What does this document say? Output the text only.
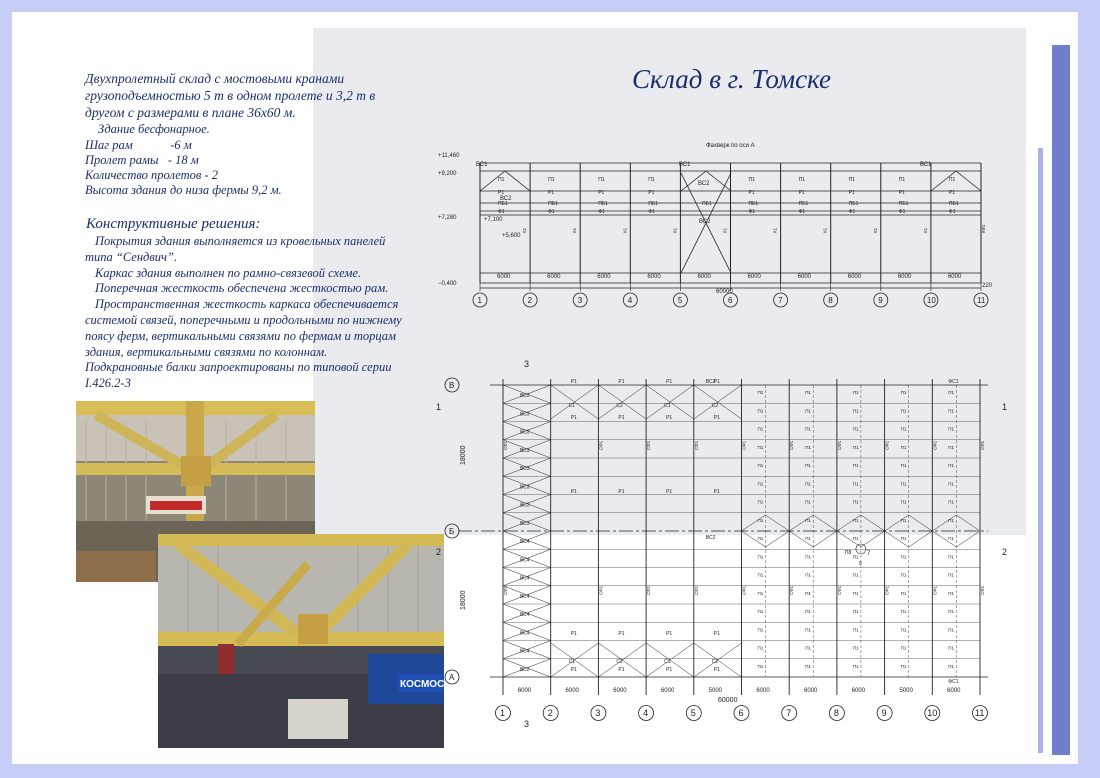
Склад в г. Томске
Двухпролетный склад с мостовыми кранами грузоподъемностью 5 т в одном пролете и 3,2 т в другом с размерами в плане 36х60 м.
Здание бесфонарное.
Шаг рам            -6 м
Пролет рамы   - 18 м
Количество пролетов - 2
Высота здания до низа фермы 9,2 м.
Конструктивные решения:

Покрытия здания выполняется из кровельных панелей типа “Сендвич”.

Каркас здания выполнен по рамно-связевой схеме.

Поперечная жесткость обеспечена жесткостью рам.

Пространственная жесткость каркаса обеспечивается системой связей, поперечными и продольными по нижнему поясу ферм, вертикальными связями по фермам и торцам здания, вертикальными связями по колоннам. Подкрановные балки запроектированы по типовой серии I.426.2-3

КОСМОС
Фахверк по оси А
+11,460
+9,200
+7,280	+7,100
+5,600
−0,400	220
ВС1	ВС1	ВС1
ВС2
ВС2
ВС2
6000	6000	6000	6000	6000	6000	6000	6000	6000	6000
П1
Р1
ПБ1
Ф1
П1
Р1
ПБ1
Ф1
П1
Р1
ПБ1
Ф1
П1
Р1
ПБ1
Ф1
П1
Р1
ПБ1
Ф1
П1
Р1
ПБ1
Ф1
П1
Р1
ПБ1
Ф1
П1
Р1
ПБ1
Ф1
П1
Р1
ПБ1
Ф1
ПБ1
К1	К1	К1	К1	К1	К1	К1	К1	К1	КФ1
60000
1	2	3	4	5	6	7	8	9	10	11
В
Б
А
1	2	3	4	5	6	7	8	9	10	11
ВС2
ВС3
ВС3
ВС3
ВС3
ВС3
ВС3
ВС3
ВС4
ВС4
ВС4
ВС4
ВС4
ВС4
ВС4
ВС2
С1
С1
Р1
Р1
Р1
Р1
Р1
С2
С2
Р1
Р1
Р1
Р1
Р1
С1
С1
Р1
Р1
Р1
Р1
Р1
С2
С2
Р1
Р1
Р1
Р1
Р1
П1
П1
П1
П1
П1
П1
П1
П1
П1
П1
П1
П1
П1
П1
П1
П1
П1
П1
П1
П1
П1
П1
П1
П1
П1
П1
П1
П1
П1
П1
П1
П1
П1
П1
П1
П1
П1
П1
П1
П1
П1
П1
П1
П1
П1
П1
П1
П1
П1
П1
П1
П1
П1
П1
П1
П1
П1
П1
П1
П1
П1
П1
П1
П1
П1
П1
П1
П1
П1
П1
П1
П1
П1
П1
П1
П1
П1
П1
П1
П1
СФ1
СФ1
СФ1
СФ1
СФ1
СФ1
СФ1
СФ1
СФ1
СФ1
СФ1
СФ1
СФ1
СФ1
СФ1
СФ1
СФ1
СФ1
СФ1
СФ1
ВС2
ВС2
ФС1
ФС1
П8	7
9
6000	6000	6000	6000	5000	6000	6000	6000	5000	6000
60000
18000
18000
3
1	1
2	2
3
